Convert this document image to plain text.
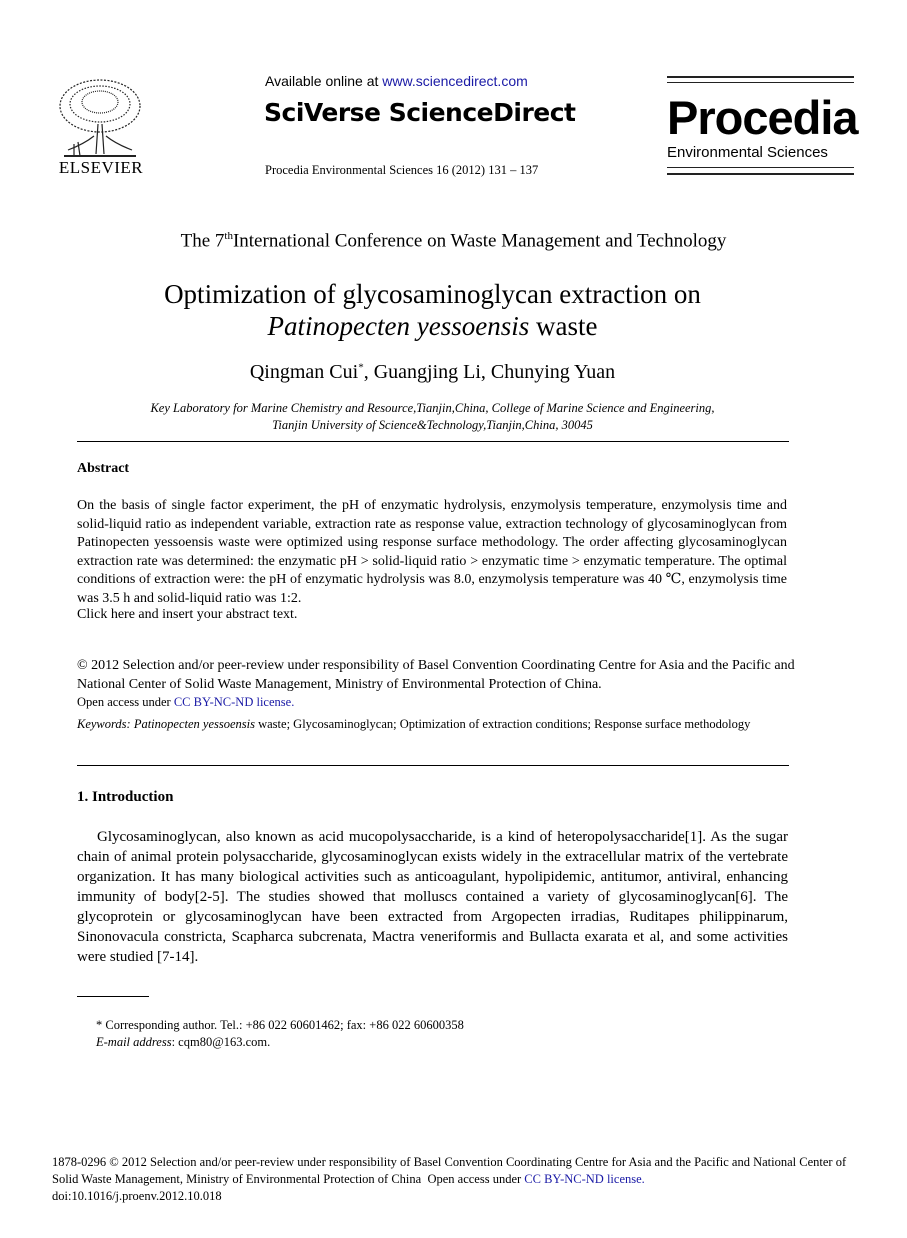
ELSEVIER
Available online at www.sciencedirect.com
SciVerse ScienceDirect
Procedia Environmental Sciences 16 (2012) 131 – 137
Procedia
Environmental Sciences
The 7thInternational Conference on Waste Management and Technology
Optimization of glycosaminoglycan extraction on
Patinopecten yessoensis waste
Qingman Cui*, Guangjing Li, Chunying Yuan
Key Laboratory for Marine Chemistry and Resource,Tianjin,China, College of Marine Science and Engineering,
Tianjin University of Science&Technology,Tianjin,China, 30045
Abstract
On the basis of single factor experiment, the pH of enzymatic hydrolysis, enzymolysis temperature, enzymolysis time and solid-liquid ratio as independent variable, extraction rate as response value, extraction technology of glycosaminoglycan from Patinopecten yessoensis waste were optimized using response surface methodology. The order affecting glycosaminoglycan extraction rate was determined: the enzymatic pH > solid-liquid ratio > enzymatic time > enzymatic temperature. The optimal conditions of extraction were: the pH of enzymatic hydrolysis was 8.0, enzymolysis temperature was 40 ℃, enzymolysis time was 3.5 h and solid-liquid ratio was 1:2.
Click here and insert your abstract text.
© 2012 Selection and/or peer-review under responsibility of Basel Convention Coordinating Centre for Asia and the Pacific and National Center of Solid Waste Management, Ministry of Environmental Protection of China.
Open access under CC BY-NC-ND license.
Keywords: Patinopecten yessoensis waste; Glycosaminoglycan; Optimization of extraction conditions; Response surface methodology
1. Introduction
Glycosaminoglycan, also known as acid mucopolysaccharide, is a kind of heteropolysaccharide[1]. As the sugar chain of animal protein polysaccharide, glycosaminoglycan exists widely in the extracellular matrix of the vertebrate organization. It has many biological activities such as anticoagulant, hypolipidemic, antitumor, antiviral, enhancing immunity of body[2-5]. The studies showed that molluscs contained a variety of glycosaminoglycan[6]. The glycoprotein or glycosaminoglycan have been extracted from Argopecten irradias, Ruditapes philippinarum, Sinonovacula constricta, Scapharca subcrenata, Mactra veneriformis and Bullacta exarata et al, and some activities were studied [7-14].
* Corresponding author. Tel.: +86 022 60601462; fax: +86 022 60600358
E-mail address: cqm80@163.com.
1878-0296 © 2012 Selection and/or peer-review under responsibility of Basel Convention Coordinating Centre for Asia and the Pacific and National Center of Solid Waste Management, Ministry of Environmental Protection of China  Open access under CC BY-NC-ND license.
doi:10.1016/j.proenv.2012.10.018
